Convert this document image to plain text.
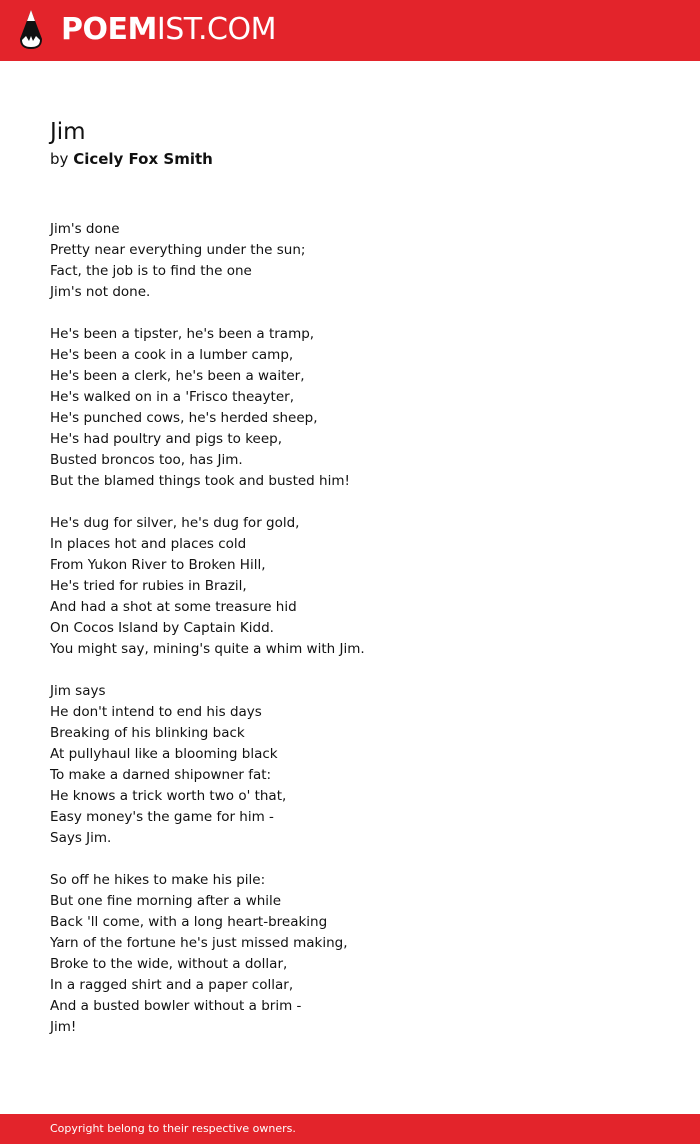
POEMIST.COM
Jim
by Cicely Fox Smith
Jim's done
Pretty near everything under the sun;
Fact, the job is to find the one
Jim's not done.
He's been a tipster, he's been a tramp,
He's been a cook in a lumber camp,
He's been a clerk, he's been a waiter,
He's walked on in a 'Frisco theayter,
He's punched cows, he's herded sheep,
He's had poultry and pigs to keep,
Busted broncos too, has Jim.
But the blamed things took and busted him!
He's dug for silver, he's dug for gold,
In places hot and places cold
From Yukon River to Broken Hill,
He's tried for rubies in Brazil,
And had a shot at some treasure hid
On Cocos Island by Captain Kidd.
You might say, mining's quite a whim with Jim.
Jim says
He don't intend to end his days
Breaking of his blinking back
At pullyhaul like a blooming black
To make a darned shipowner fat:
He knows a trick worth two o' that,
Easy money's the game for him -
Says Jim.
So off he hikes to make his pile:
But one fine morning after a while
Back 'll come, with a long heart-breaking
Yarn of the fortune he's just missed making,
Broke to the wide, without a dollar,
In a ragged shirt and a paper collar,
And a busted bowler without a brim -
Jim!
Copyright belong to their respective owners.
